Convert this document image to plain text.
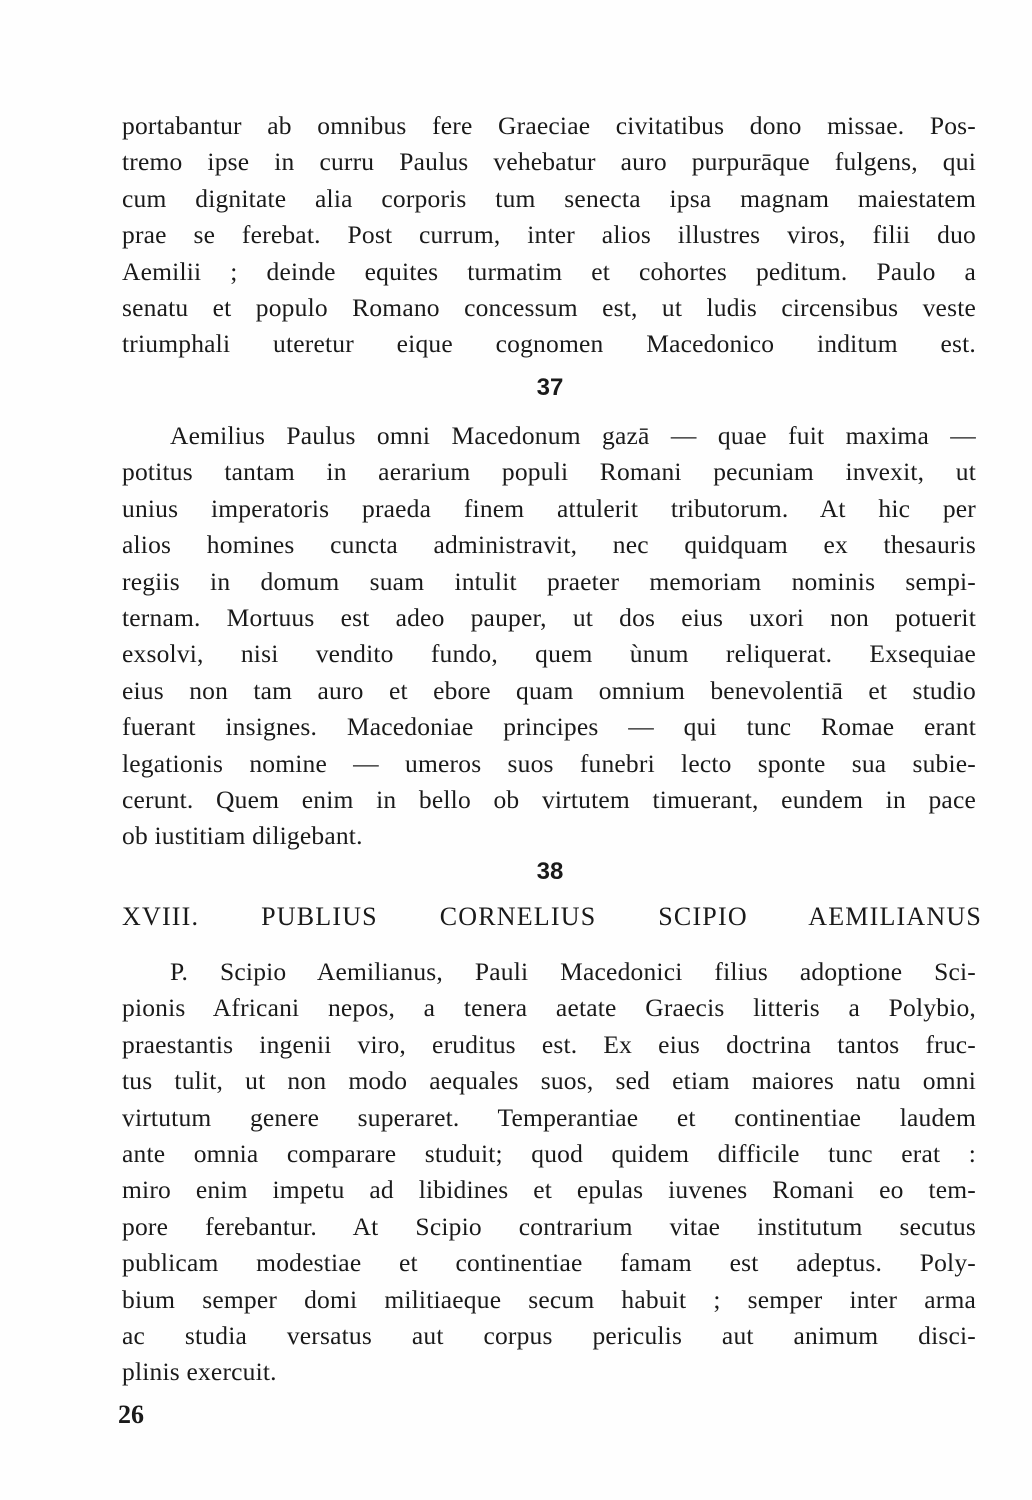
portabantur ab omnibus fere Graeciae civitatibus dono missae. Pos-
tremo ipse in curru Paulus vehebatur auro purpurāque fulgens, qui
cum dignitate alia corporis tum senecta ipsa magnam maiestatem
prae se ferebat. Post currum, inter alios illustres viros, filii duo
Aemilii ; deinde equites turmatim et cohortes peditum. Paulo a
senatu et populo Romano concessum est, ut ludis circensibus veste
triumphali uteretur eique cognomen Macedonico inditum est.
37
Aemilius Paulus omni Macedonum gazā — quae fuit maxima —
potitus tantam in aerarium populi Romani pecuniam invexit, ut
unius imperatoris praeda finem attulerit tributorum. At hic per
alios homines cuncta administravit, nec quidquam ex thesauris
regiis in domum suam intulit praeter memoriam nominis sempi-
ternam. Mortuus est adeo pauper, ut dos eius uxori non potuerit
exsolvi, nisi vendito fundo, quem ùnum reliquerat. Exsequiae
eius non tam auro et ebore quam omnium benevolentiā et studio
fuerant insignes. Macedoniae principes — qui tunc Romae erant
legationis nomine — umeros suos funebri lecto sponte sua subie-
cerunt. Quem enim in bello ob virtutem timuerant, eundem in pace
ob iustitiam diligebant.
38
XVIII. PUBLIUS CORNELIUS SCIPIO AEMILIANUS
P. Scipio Aemilianus, Pauli Macedonici filius adoptione Sci-
pionis Africani nepos, a tenera aetate Graecis litteris a Polybio,
praestantis ingenii viro, eruditus est. Ex eius doctrina tantos fruc-
tus tulit, ut non modo aequales suos, sed etiam maiores natu omni
virtutum genere superaret. Temperantiae et continentiae laudem
ante omnia comparare studuit; quod quidem difficile tunc erat :
miro enim impetu ad libidines et epulas iuvenes Romani eo tem-
pore ferebantur. At Scipio contrarium vitae institutum secutus
publicam modestiae et continentiae famam est adeptus. Poly-
bium semper domi militiaeque secum habuit ; semper inter arma
ac studia versatus aut corpus periculis aut animum disci-
plinis exercuit.
26
